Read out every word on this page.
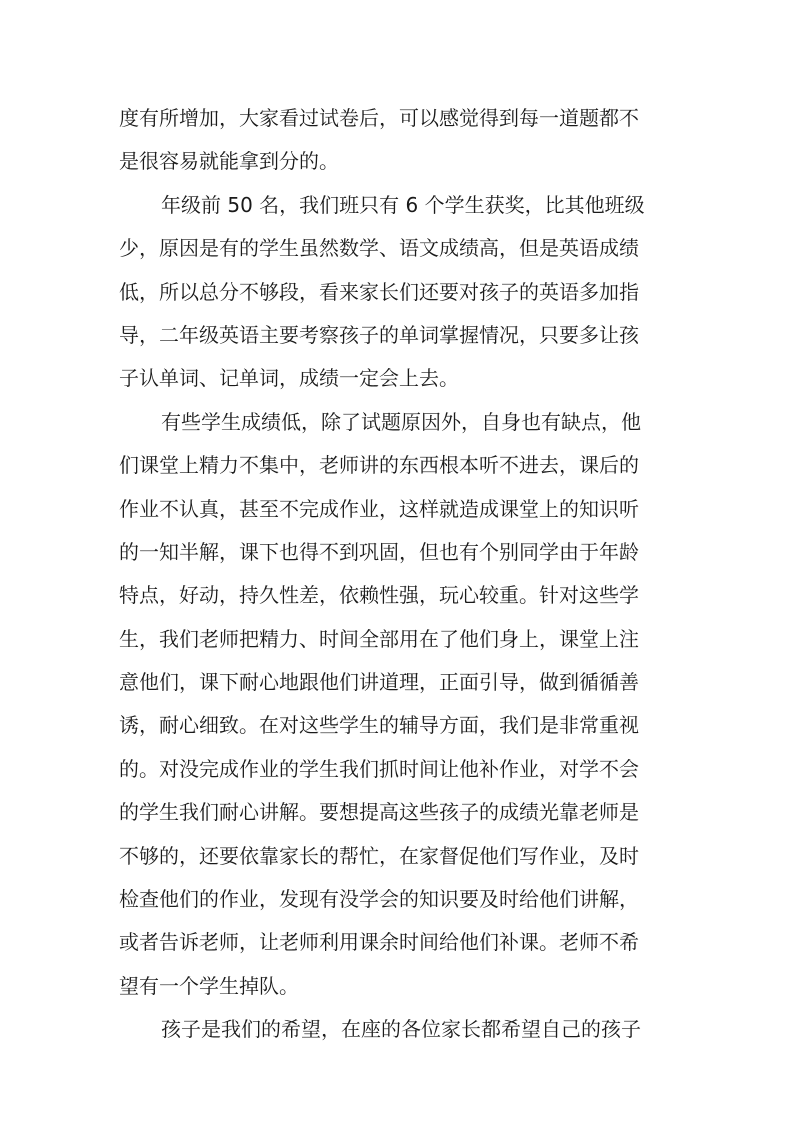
度有所增加，大家看过试卷后，可以感觉得到每一道题都不
是很容易就能拿到分的。
年级前 50 名，我们班只有 6 个学生获奖，比其他班级
少，原因是有的学生虽然数学、语文成绩高，但是英语成绩
低，所以总分不够段，看来家长们还要对孩子的英语多加指
导，二年级英语主要考察孩子的单词掌握情况，只要多让孩
子认单词、记单词，成绩一定会上去。
有些学生成绩低，除了试题原因外，自身也有缺点，他
们课堂上精力不集中，老师讲的东西根本听不进去，课后的
作业不认真，甚至不完成作业，这样就造成课堂上的知识听
的一知半解，课下也得不到巩固，但也有个别同学由于年龄
特点，好动，持久性差，依赖性强，玩心较重。针对这些学
生，我们老师把精力、时间全部用在了他们身上，课堂上注
意他们，课下耐心地跟他们讲道理，正面引导，做到循循善
诱，耐心细致。在对这些学生的辅导方面，我们是非常重视
的。对没完成作业的学生我们抓时间让他补作业，对学不会
的学生我们耐心讲解。要想提高这些孩子的成绩光靠老师是
不够的，还要依靠家长的帮忙，在家督促他们写作业，及时
检查他们的作业，发现有没学会的知识要及时给他们讲解，
或者告诉老师，让老师利用课余时间给他们补课。老师不希
望有一个学生掉队。
孩子是我们的希望，在座的各位家长都希望自己的孩子
